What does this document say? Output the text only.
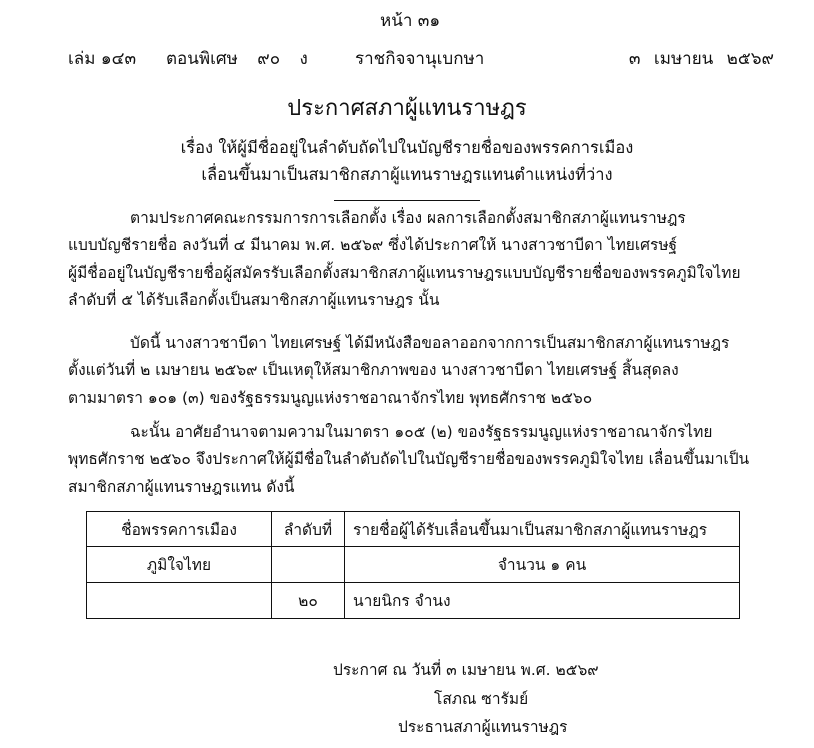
หน้า ๓๑
เล่ม ๑๔๓ ตอนพิเศษ ๙๐ ง	ราชกิจจานุเบกษา	๓ เมษายน ๒๕๖๙
ประกาศสภาผู้แทนราษฎร
เรื่อง ให้ผู้มีชื่ออยู่ในลำดับถัดไปในบัญชีรายชื่อของพรรคการเมือง
เลื่อนขึ้นมาเป็นสมาชิกสภาผู้แทนราษฎรแทนตำแหน่งที่ว่าง
ตามประกาศคณะกรรมการการเลือกตั้ง เรื่อง ผลการเลือกตั้งสมาชิกสภาผู้แทนราษฎร
แบบบัญชีรายชื่อ ลงวันที่ ๔ มีนาคม พ.ศ. ๒๕๖๙ ซึ่งได้ประกาศให้ นางสาวชาบีดา ไทยเศรษฐ์
ผู้มีชื่ออยู่ในบัญชีรายชื่อผู้สมัครรับเลือกตั้งสมาชิกสภาผู้แทนราษฎรแบบบัญชีรายชื่อของพรรคภูมิใจไทย
ลำดับที่ ๕ ได้รับเลือกตั้งเป็นสมาชิกสภาผู้แทนราษฎร นั้น
บัดนี้ นางสาวชาบีดา ไทยเศรษฐ์ ได้มีหนังสือขอลาออกจากการเป็นสมาชิกสภาผู้แทนราษฎร
ตั้งแต่วันที่ ๒ เมษายน ๒๕๖๙ เป็นเหตุให้สมาชิกภาพของ นางสาวชาบีดา ไทยเศรษฐ์ สิ้นสุดลง
ตามมาตรา ๑๐๑ (๓) ของรัฐธรรมนูญแห่งราชอาณาจักรไทย พุทธศักราช ๒๕๖๐
ฉะนั้น อาศัยอำนาจตามความในมาตรา ๑๐๕ (๒) ของรัฐธรรมนูญแห่งราชอาณาจักรไทย
พุทธศักราช ๒๕๖๐ จึงประกาศให้ผู้มีชื่อในลำดับถัดไปในบัญชีรายชื่อของพรรคภูมิใจไทย เลื่อนขึ้นมาเป็น
สมาชิกสภาผู้แทนราษฎรแทน ดังนี้
ชื่อพรรคการเมือง	ลำดับที่	รายชื่อผู้ได้รับเลื่อนขึ้นมาเป็นสมาชิกสภาผู้แทนราษฎร
ภูมิใจไทย		จำนวน ๑ คน
	๒๐	นายนิกร จำนง
ประกาศ ณ วันที่ ๓ เมษายน พ.ศ. ๒๕๖๙
โสภณ ซารัมย์
ประธานสภาผู้แทนราษฎร
